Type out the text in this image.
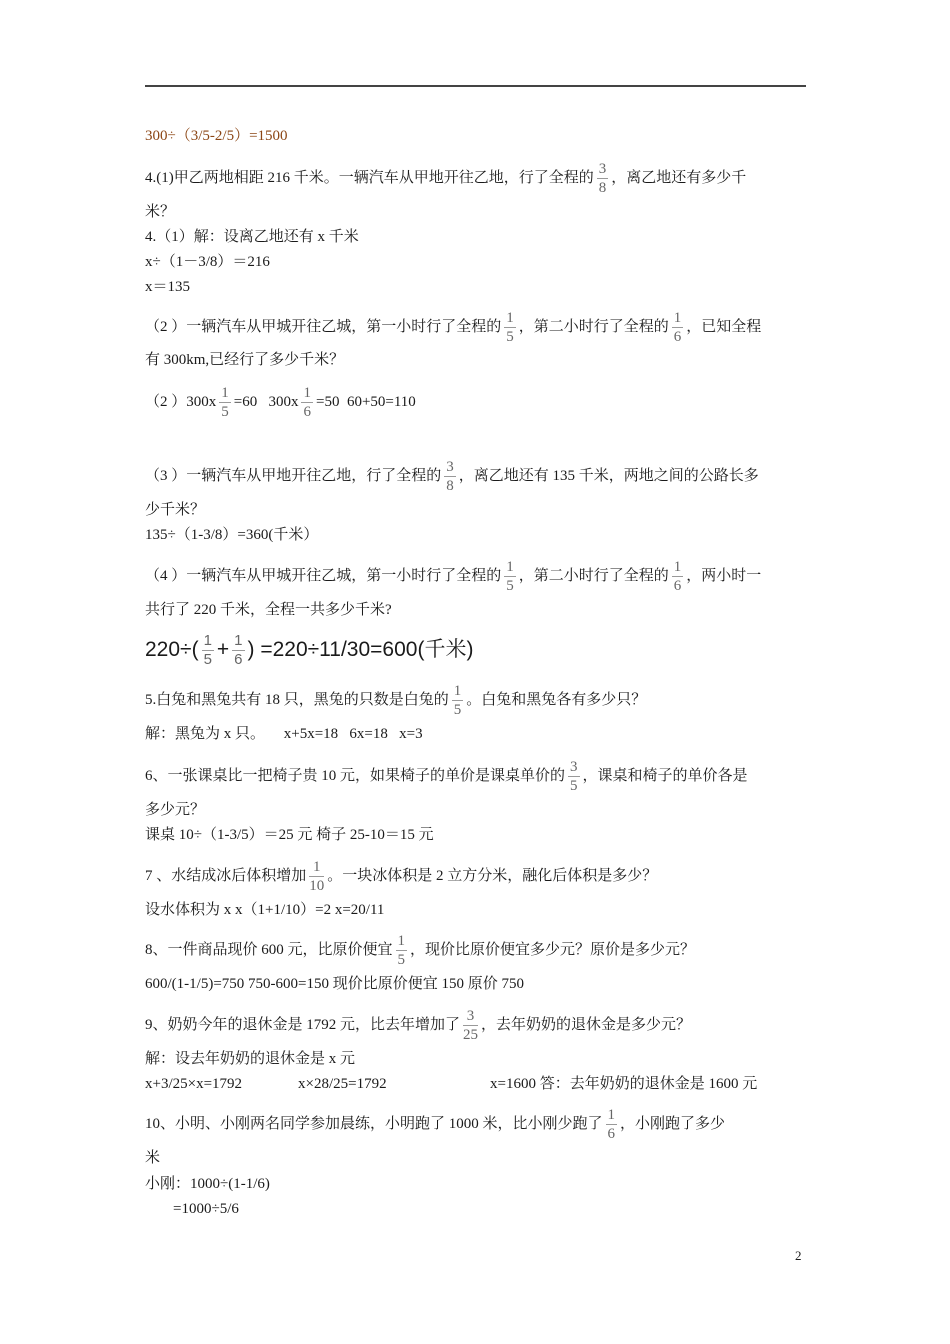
300÷（3/5-2/5）=1500
4.(1)甲乙两地相距 216 千米。一辆汽车从甲地开往乙地，行了全程的 $\frac{3}{8}$ ，离乙地还有多少千
米？
4.（1）解：设离乙地还有 x 千米
x÷（1－3/8）＝216
x＝135
（2 ）一辆汽车从甲城开往乙城，第一小时行了全程的 $\frac{1}{5}$ ，第二小时行了全程的 $\frac{1}{6}$ ，已知全程
有 300km,已经行了多少千米？
（2 ）$300x \frac{1}{5} =60$   $300x \frac{1}{6} =50$  60+50=110
（3 ）一辆汽车从甲地开往乙地，行了全程的 $\frac{3}{8}$ ，离乙地还有 135 千米，两地之间的公路长多
少千米？
135÷（1-3/8）=360(千米）
（4 ）一辆汽车从甲城开往乙城，第一小时行了全程的 $\frac{1}{5}$ ，第二小时行了全程的 $\frac{1}{6}$ ，两小时一
共行了 220 千米，全程一共多少千米?
$220\div( \frac{1}{5} + \frac{1}{6}$ ) =220÷11/30=600(千米)
5.白兔和黑兔共有 18 只，黑兔的只数是白兔的 $\frac{1}{5}$ 。白兔和黑兔各有多少只？
解：黑兔为 x 只。     x+5x=18   6x=18   x=3
6、一张课桌比一把椅子贵 10 元，如果椅子的单价是课桌单价的 $\frac{3}{5}$ ，课桌和椅子的单价各是
多少元？
课桌 10÷（1-3/5）＝25 元 椅子 25-10＝15 元
7 、水结成冰后体积增加 $\frac{1}{10}$ 。一块冰体积是 2 立方分米，融化后体积是多少？
设水体积为 x x（1+1/10）=2 x=20/11
8、一件商品现价 600 元，比原价便宜 $\frac{1}{5}$ ，现价比原价便宜多少元？原价是多少元？
600/(1-1/5)=750 750-600=150 现价比原价便宜 150 原价 750
9、奶奶今年的退休金是 1792 元，比去年增加了 $\frac{3}{25}$ ，去年奶奶的退休金是多少元？
解：设去年奶奶的退休金是 x 元
x+3/25×x=1792	x×28/25=1792	x=1600 答：去年奶奶的退休金是 1600 元
10、小明、小刚两名同学参加晨练，小明跑了 1000 米，比小刚少跑了 $\frac{1}{6}$ ，小刚跑了多少
米
小刚：1000÷(1-1/6)
=1000÷5/6
2
